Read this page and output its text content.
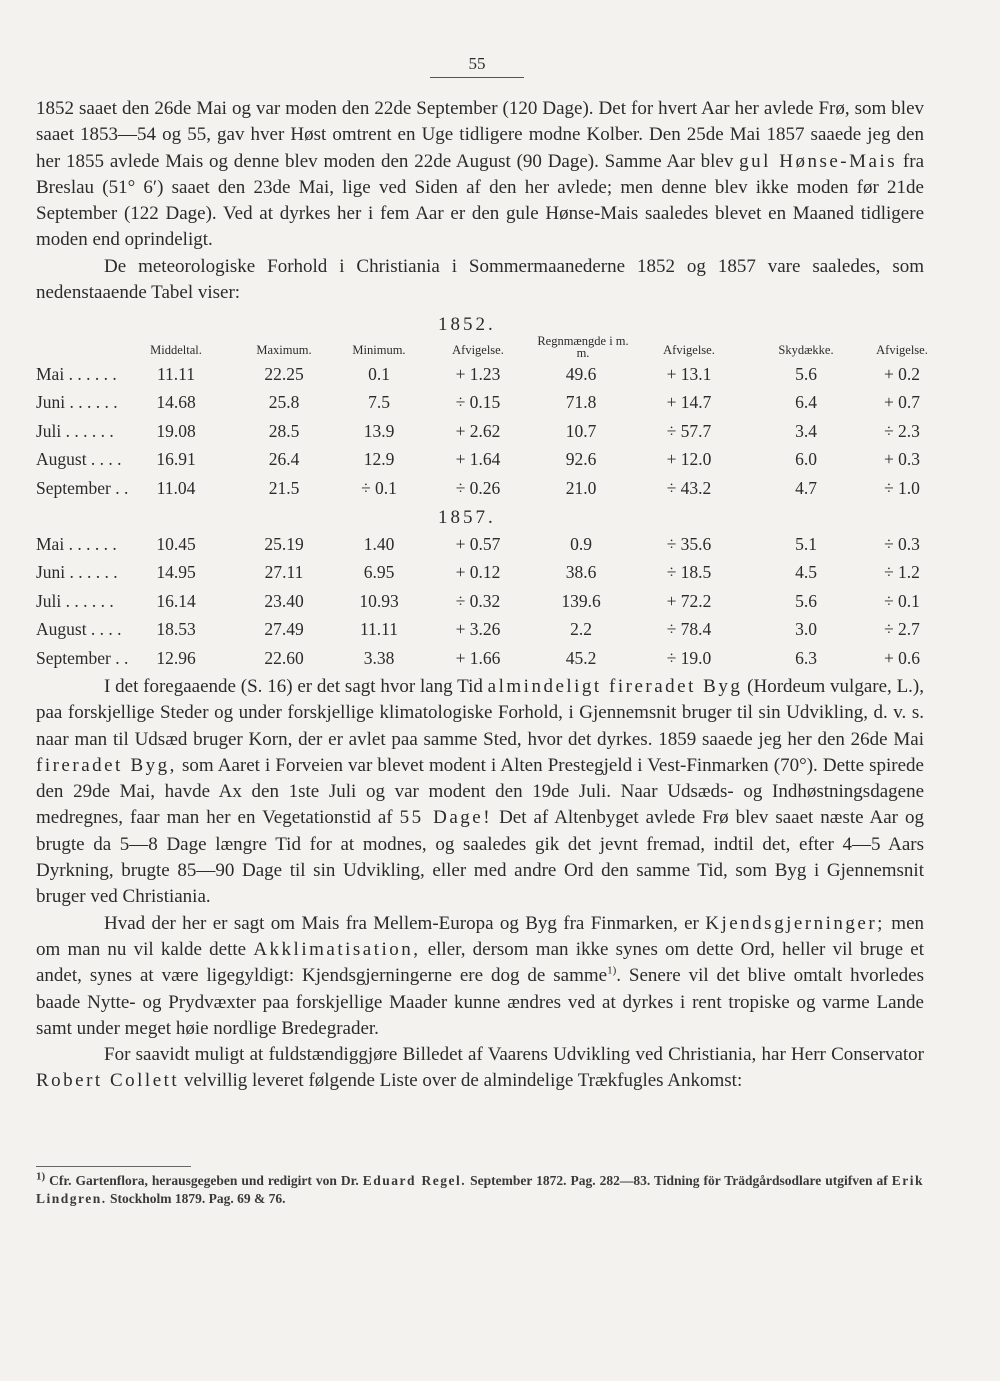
55

1852 saaet den 26de Mai og var moden den 22de September (120 Dage). Det for hvert Aar her avlede Frø, som blev saaet 1853—54 og 55, gav hver Høst omtrent en Uge tidligere modne Kolber. Den 25de Mai 1857 saaede jeg den her 1855 avlede Mais og denne blev moden den 22de August (90 Dage). Samme Aar blev gul Hønse-Mais fra Breslau (51° 6′) saaet den 23de Mai, lige ved Siden af den her avlede; men denne blev ikke moden før 21de September (122 Dage). Ved at dyrkes her i fem Aar er den gule Hønse-Mais saaledes blevet en Maaned tidligere moden end oprindeligt.

De meteorologiske Forhold i Christiania i Sommermaanederne 1852 og 1857 vare saaledes, som nedenstaaende Tabel viser:

1852.
Middeltal.	Maximum.	Minimum.	Afvigelse.
Regnmængde i m. m.	Afvigelse.	Skydække.	Afvigelse.
Mai . . . . . .	11.11	22.25	0.1	+ 1.23	49.6	+ 13.1	5.6	+ 0.2
Juni . . . . . .	14.68	25.8	7.5	÷ 0.15	71.8	+ 14.7	6.4	+ 0.7
Juli . . . . . .	19.08	28.5	13.9	+ 2.62	10.7	÷ 57.7	3.4	÷ 2.3
August . . . .	16.91	26.4	12.9	+ 1.64	92.6	+ 12.0	6.0	+ 0.3
September . .	11.04	21.5	÷ 0.1	÷ 0.26	21.0	÷ 43.2	4.7	÷ 1.0
1857.
Mai . . . . . .	10.45	25.19	1.40	+ 0.57	0.9	÷ 35.6	5.1	÷ 0.3
Juni . . . . . .	14.95	27.11	6.95	+ 0.12	38.6	÷ 18.5	4.5	÷ 1.2
Juli . . . . . .	16.14	23.40	10.93	÷ 0.32	139.6	+ 72.2	5.6	÷ 0.1
August . . . .	18.53	27.49	11.11	+ 3.26	2.2	÷ 78.4	3.0	÷ 2.7
September . .	12.96	22.60	3.38	+ 1.66	45.2	÷ 19.0	6.3	+ 0.6

I det foregaaende (S. 16) er det sagt hvor lang Tid almindeligt fireradet Byg (Hordeum vulgare, L.), paa forskjellige Steder og under forskjellige klimatologiske Forhold, i Gjennemsnit bruger til sin Udvikling, d. v. s. naar man til Udsæd bruger Korn, der er avlet paa samme Sted, hvor det dyrkes. 1859 saaede jeg her den 26de Mai fireradet Byg, som Aaret i Forveien var blevet modent i Alten Prestegjeld i Vest-Finmarken (70°). Dette spirede den 29de Mai, havde Ax den 1ste Juli og var modent den 19de Juli. Naar Udsæds- og Indhøstningsdagene medregnes, faar man her en Vegetationstid af 55 Dage! Det af Altenbyget avlede Frø blev saaet næste Aar og brugte da 5—8 Dage længre Tid for at modnes, og saaledes gik det jevnt fremad, indtil det, efter 4—5 Aars Dyrkning, brugte 85—90 Dage til sin Udvikling, eller med andre Ord den samme Tid, som Byg i Gjennemsnit bruger ved Christiania.

Hvad der her er sagt om Mais fra Mellem-Europa og Byg fra Finmarken, er Kjendsgjerninger; men om man nu vil kalde dette Akklimatisation, eller, dersom man ikke synes om dette Ord, heller vil bruge et andet, synes at være ligegyldigt: Kjendsgjerningerne ere dog de samme$^{1)}$. Senere vil det blive omtalt hvorledes baade Nytte- og Prydvæxter paa forskjellige Maader kunne ændres ved at dyrkes i rent tropiske og varme Lande samt under meget høie nordlige Bredegrader.

For saavidt muligt at fuldstændiggjøre Billedet af Vaarens Udvikling ved Christiania, har Herr Conservator Robert Collett velvillig leveret følgende Liste over de almindelige Trækfugles Ankomst:

$^{1)}$ Cfr. Gartenflora, herausgegeben und redigirt von Dr. Eduard Regel. September 1872. Pag. 282—83. Tidning för Trädgårdsodlare utgifven af Erik Lindgren. Stockholm 1879. Pag. 69 & 76.
